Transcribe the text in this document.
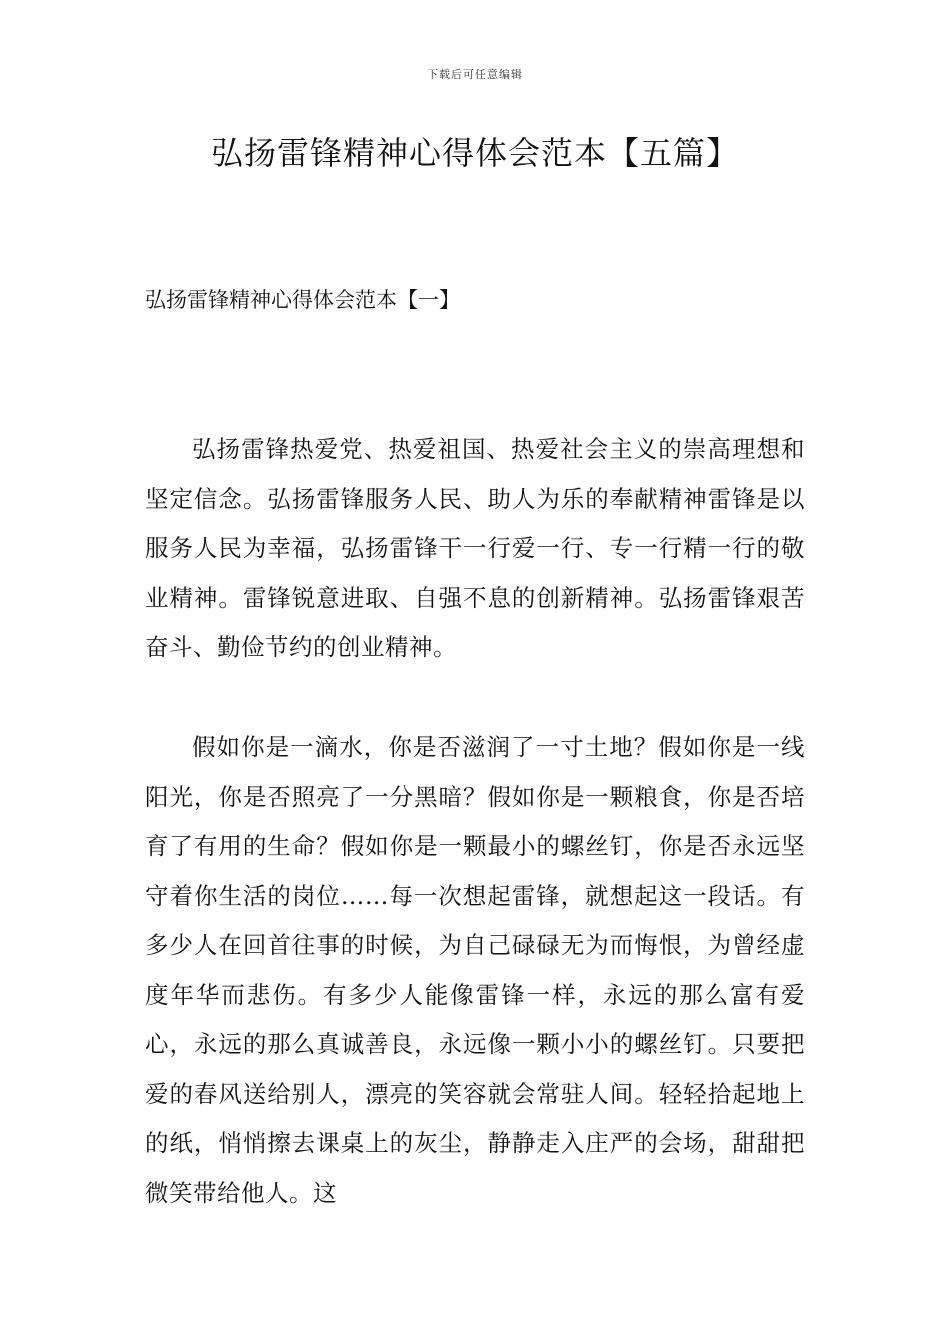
下载后可任意编辑
弘扬雷锋精神心得体会范本【五篇】
弘扬雷锋精神心得体会范本【一】

弘扬雷锋热爱党、热爱祖国、热爱社会主义的崇高理想和坚定信念。弘扬雷锋服务人民、助人为乐的奉献精神雷锋是以服务人民为幸福，弘扬雷锋干一行爱一行、专一行精一行的敬业精神。雷锋锐意进取、自强不息的创新精神。弘扬雷锋艰苦奋斗、勤俭节约的创业精神。

假如你是一滴水，你是否滋润了一寸土地？假如你是一线阳光，你是否照亮了一分黑暗？假如你是一颗粮食，你是否培育了有用的生命？假如你是一颗最小的螺丝钉，你是否永远坚守着你生活的岗位……每一次想起雷锋，就想起这一段话。有多少人在回首往事的时候，为自己碌碌无为而悔恨，为曾经虚度年华而悲伤。有多少人能像雷锋一样，永远的那么富有爱心，永远的那么真诚善良，永远像一颗小小的螺丝钉。只要把爱的春风送给别人，漂亮的笑容就会常驻人间。轻轻拾起地上的纸，悄悄擦去课桌上的灰尘，静静走入庄严的会场，甜甜把微笑带给他人。这
